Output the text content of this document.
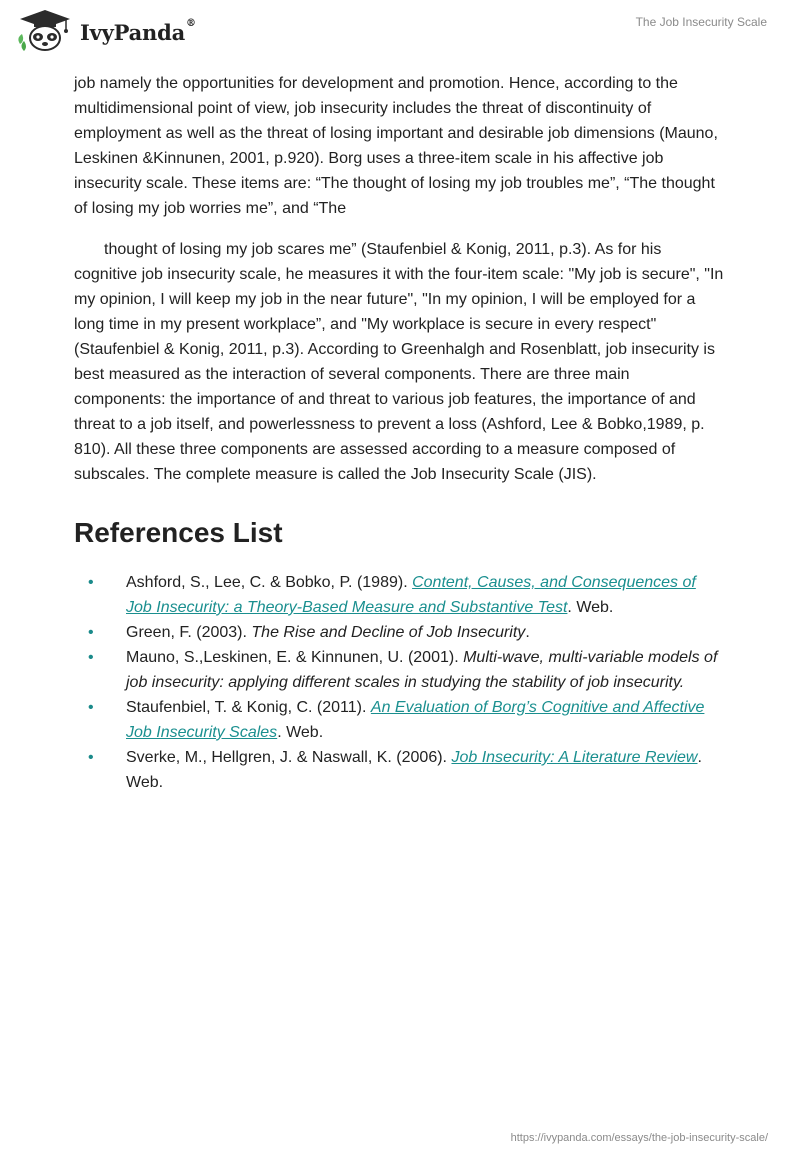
IvyPanda®	The Job Insecurity Scale

job namely the opportunities for development and promotion. Hence, according to the multidimensional point of view, job insecurity includes the threat of discontinuity of employment as well as the threat of losing important and desirable job dimensions (Mauno, Leskinen &Kinnunen, 2001, p.920). Borg uses a three-item scale in his affective job insecurity scale. These items are: “The thought of losing my job troubles me”, “The thought of losing my job worries me”, and “The

thought of losing my job scares me” (Staufenbiel & Konig, 2011, p.3). As for his cognitive job insecurity scale, he measures it with the four-item scale: "My job is secure", "In my opinion, I will keep my job in the near future", "In my opinion, I will be employed for a long time in my present workplace”, and "My workplace is secure in every respect"(Staufenbiel & Konig, 2011, p.3). According to Greenhalgh and Rosenblatt, job insecurity is best measured as the interaction of several components. There are three main components: the importance of and threat to various job features, the importance of and threat to a job itself, and powerlessness to prevent a loss (Ashford, Lee & Bobko,1989, p. 810). All these three components are assessed according to a measure composed of subscales. The complete measure is called the Job Insecurity Scale (JIS).

References List
• Ashford, S., Lee, C. & Bobko, P. (1989). Content, Causes, and Consequences of Job Insecurity: a Theory-Based Measure and Substantive Test. Web.
• Green, F. (2003). The Rise and Decline of Job Insecurity.
• Mauno, S.,Leskinen, E. & Kinnunen, U. (2001). Multi-wave, multi-variable models of job insecurity: applying different scales in studying the stability of job insecurity.
• Staufenbiel, T. & Konig, C. (2011). An Evaluation of Borg’s Cognitive and Affective Job Insecurity Scales. Web.
• Sverke, M., Hellgren, J. & Naswall, K. (2006). Job Insecurity: A Literature Review. Web.
https://ivypanda.com/essays/the-job-insecurity-scale/
